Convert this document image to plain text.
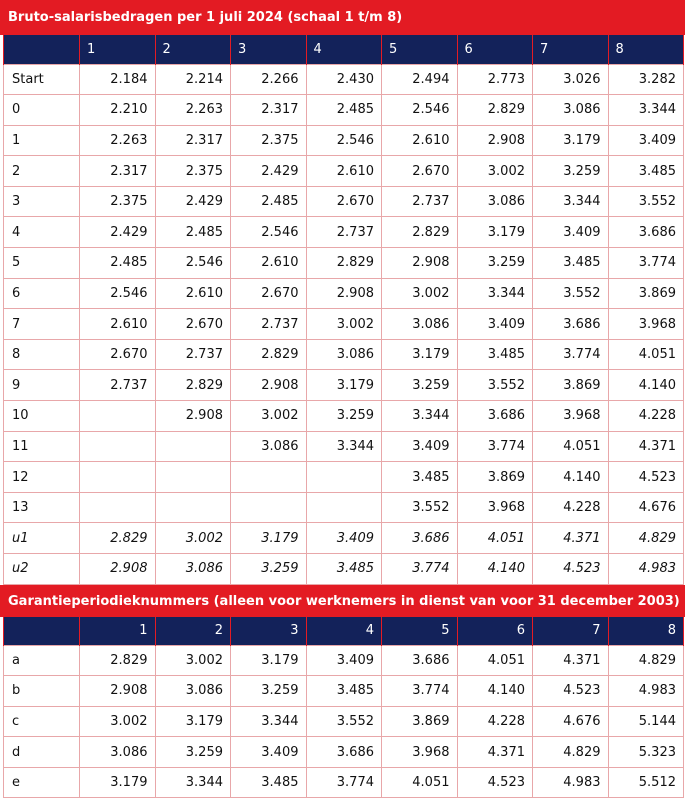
Bruto-salarisbedragen per 1 juli 2024 (schaal 1 t/m 8)
	1	2	3	4	5	6	7	8
Start	2.184	2.214	2.266	2.430	2.494	2.773	3.026	3.282
0	2.210	2.263	2.317	2.485	2.546	2.829	3.086	3.344
1	2.263	2.317	2.375	2.546	2.610	2.908	3.179	3.409
2	2.317	2.375	2.429	2.610	2.670	3.002	3.259	3.485
3	2.375	2.429	2.485	2.670	2.737	3.086	3.344	3.552
4	2.429	2.485	2.546	2.737	2.829	3.179	3.409	3.686
5	2.485	2.546	2.610	2.829	2.908	3.259	3.485	3.774
6	2.546	2.610	2.670	2.908	3.002	3.344	3.552	3.869
7	2.610	2.670	2.737	3.002	3.086	3.409	3.686	3.968
8	2.670	2.737	2.829	3.086	3.179	3.485	3.774	4.051
9	2.737	2.829	2.908	3.179	3.259	3.552	3.869	4.140
10		2.908	3.002	3.259	3.344	3.686	3.968	4.228
11			3.086	3.344	3.409	3.774	4.051	4.371
12					3.485	3.869	4.140	4.523
13					3.552	3.968	4.228	4.676
u1	2.829	3.002	3.179	3.409	3.686	4.051	4.371	4.829
u2	2.908	3.086	3.259	3.485	3.774	4.140	4.523	4.983
Garantieperiodieknummers (alleen voor werknemers in dienst van voor 31 december 2003)
	1	2	3	4	5	6	7	8
a	2.829	3.002	3.179	3.409	3.686	4.051	4.371	4.829
b	2.908	3.086	3.259	3.485	3.774	4.140	4.523	4.983
c	3.002	3.179	3.344	3.552	3.869	4.228	4.676	5.144
d	3.086	3.259	3.409	3.686	3.968	4.371	4.829	5.323
e	3.179	3.344	3.485	3.774	4.051	4.523	4.983	5.512
